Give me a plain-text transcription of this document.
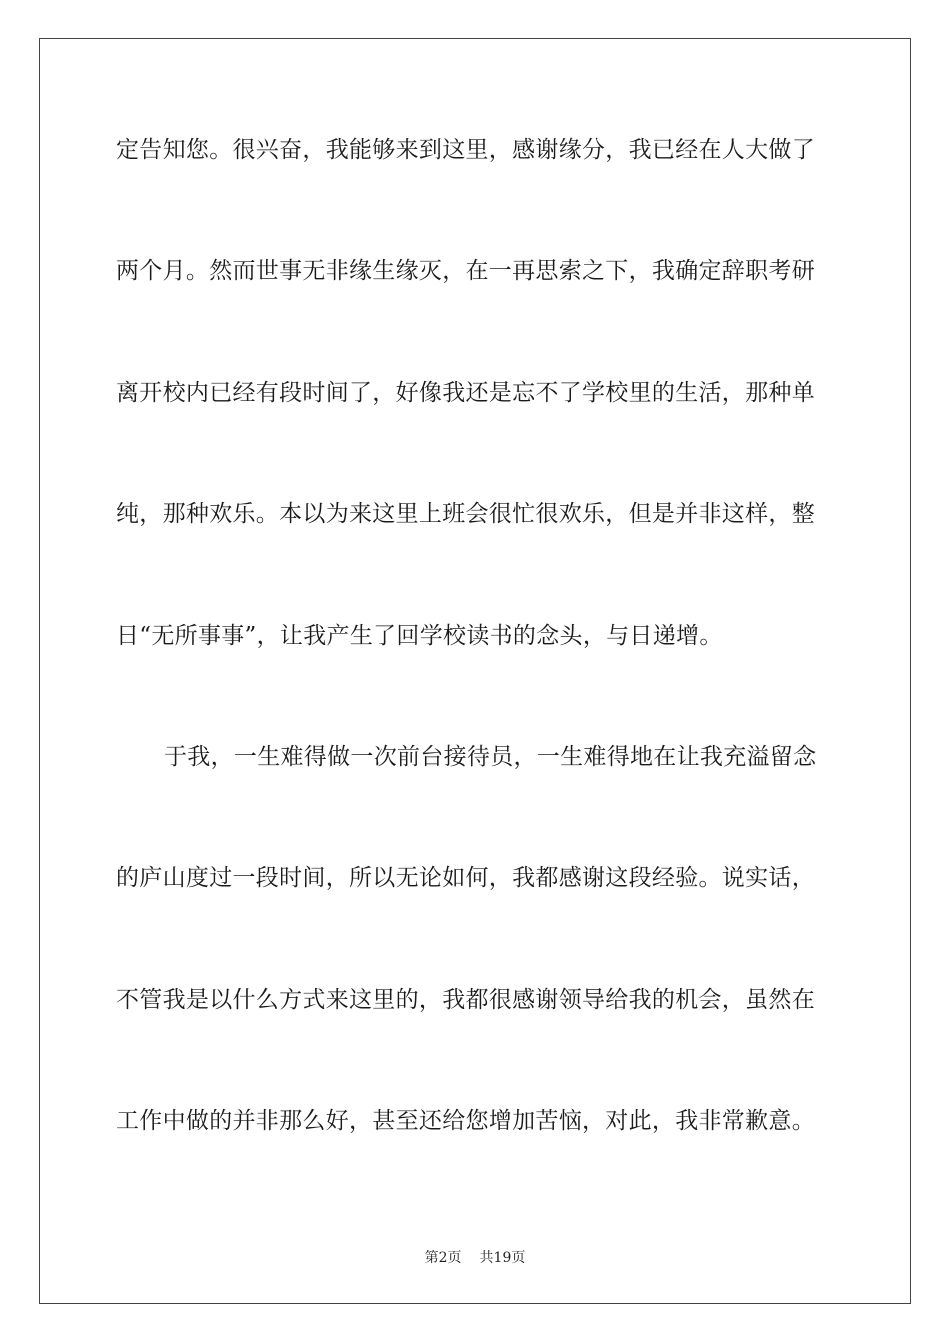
定告知您。很兴奋，我能够来到这里，感谢缘分，我已经在人大做了
两个月。然而世事无非缘生缘灭，在一再思索之下，我确定辞职考研
离开校内已经有段时间了，好像我还是忘不了学校里的生活，那种单
纯，那种欢乐。本以为来这里上班会很忙很欢乐，但是并非这样，整
日“无所事事”，让我产生了回学校读书的念头，与日递增。
于我，一生难得做一次前台接待员，一生难得地在让我充溢留念
的庐山度过一段时间，所以无论如何，我都感谢这段经验。说实话，
不管我是以什么方式来这里的，我都很感谢领导给我的机会，虽然在
工作中做的并非那么好，甚至还给您增加苦恼，对此，我非常歉意。
第2页 共19页
